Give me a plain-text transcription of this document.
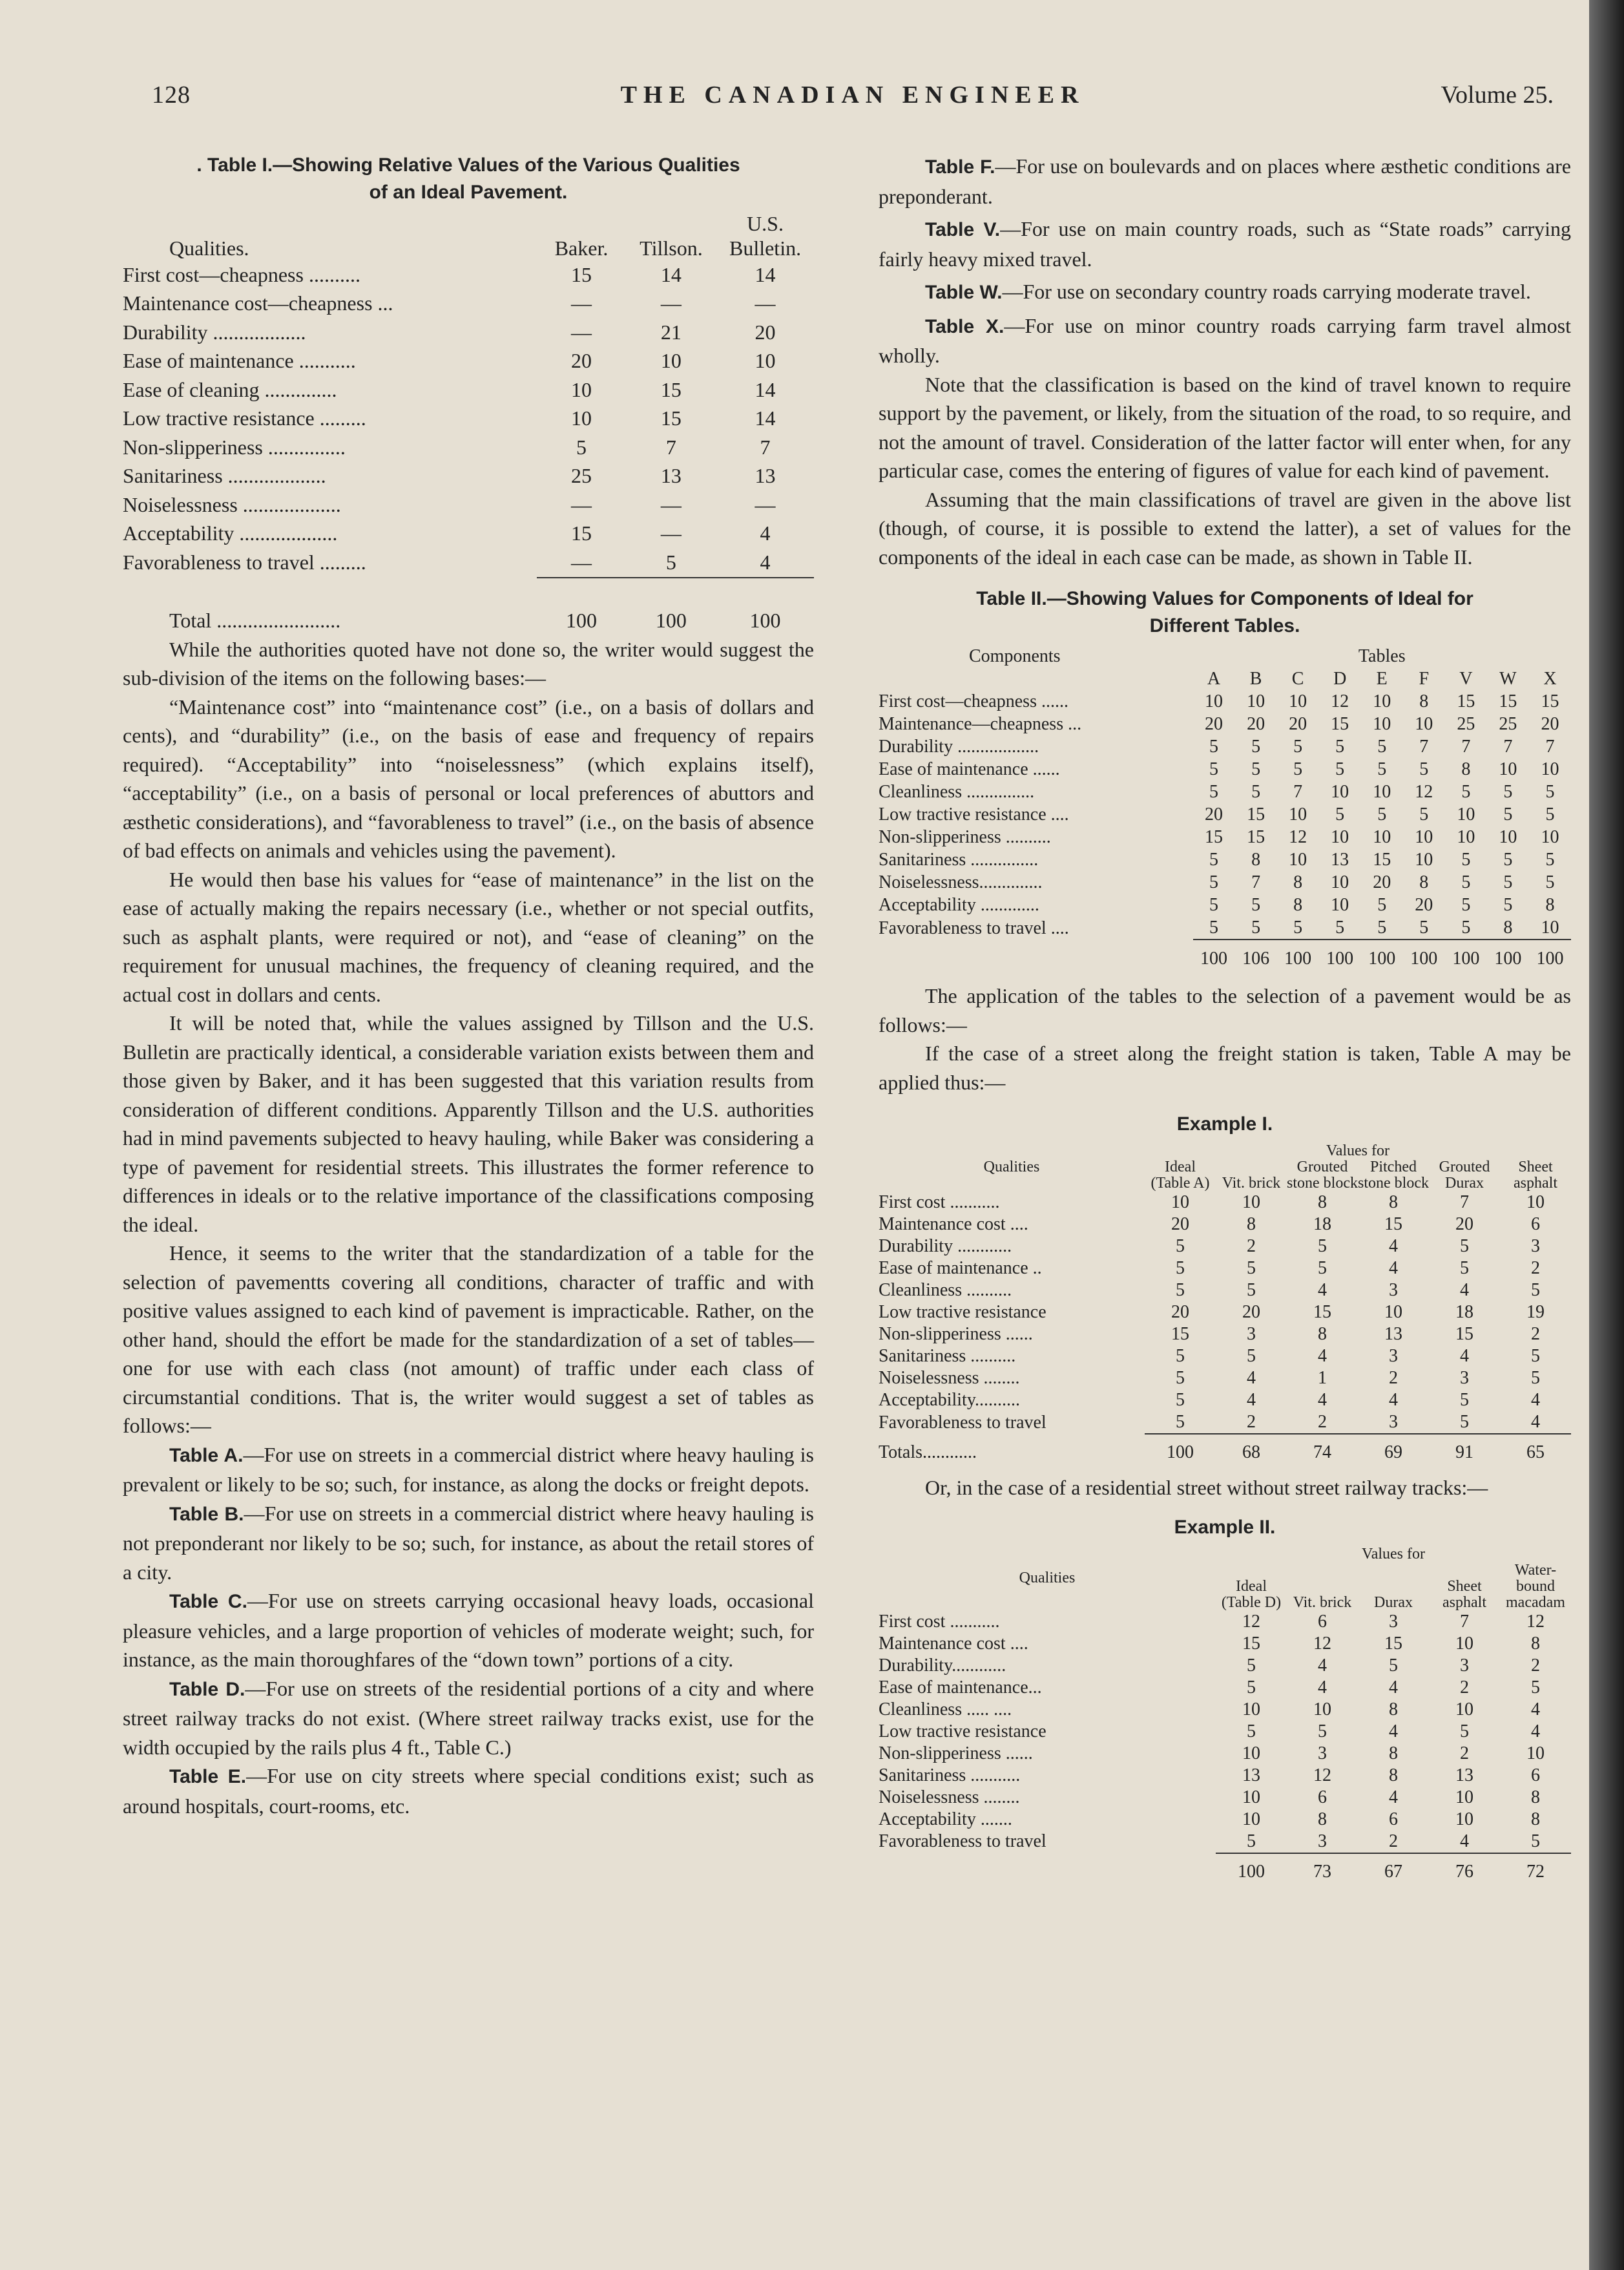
128	THE CANADIAN ENGINEER	Volume 25.
. Table I.—Showing Relative Values of the Various Qualities
of an Ideal Pavement.
Qualities.	Baker.	Tillson.	U.S. Bulletin.
First cost—cheapness ..........	15	14	14
Maintenance cost—cheapness ...	—	—	—
Durability ..................	—	21	20
Ease of maintenance ...........	20	10	10
Ease of cleaning ..............	10	15	14
Low tractive resistance .........	10	15	14
Non-slipperiness ...............	5	7	7
Sanitariness ...................	25	13	13
Noiselessness ...................	—	—	—
Acceptability ...................	15	—	4
Favorableness to travel .........	—	5	4

Total ........................	100	100	100

While the authorities quoted have not done so, the writer would suggest the sub-division of the items on the following bases:—

“Maintenance cost” into “maintenance cost” (i.e., on a basis of dollars and cents), and “durability” (i.e., on the basis of ease and frequency of repairs required). “Acceptability” into “noiselessness” (which explains itself), “acceptability” (i.e., on a basis of personal or local preferences of abuttors and æsthetic considerations), and “favorableness to travel” (i.e., on the basis of absence of bad effects on animals and vehicles using the pavement).

He would then base his values for “ease of maintenance” in the list on the ease of actually making the repairs necessary (i.e., whether or not special outfits, such as asphalt plants, were required or not), and “ease of cleaning” on the requirement for unusual machines, the frequency of cleaning required, and the actual cost in dollars and cents.

It will be noted that, while the values assigned by Tillson and the U.S. Bulletin are practically identical, a considerable variation exists between them and those given by Baker, and it has been suggested that this variation results from consideration of different conditions. Apparently Tillson and the U.S. authorities had in mind pavements subjected to heavy hauling, while Baker was considering a type of pavement for residential streets. This illustrates the former reference to differences in ideals or to the relative importance of the classifications composing the ideal.

Hence, it seems to the writer that the standardization of a table for the selection of pavementts covering all conditions, character of traffic and with positive values assigned to each kind of pavement is impracticable. Rather, on the other hand, should the effort be made for the standardization of a set of tables—one for use with each class (not amount) of traffic under each class of circumstantial conditions. That is, the writer would suggest a set of tables as follows:—

Table A.—For use on streets in a commercial district where heavy hauling is prevalent or likely to be so; such, for instance, as along the docks or freight depots.

Table B.—For use on streets in a commercial district where heavy hauling is not preponderant nor likely to be so; such, for instance, as about the retail stores of a city.

Table C.—For use on streets carrying occasional heavy loads, occasional pleasure vehicles, and a large proportion of vehicles of moderate weight; such, for instance, as the main thoroughfares of the “down town” portions of a city.

Table D.—For use on streets of the residential portions of a city and where street railway tracks do not exist. (Where street railway tracks exist, use for the width occupied by the rails plus 4 ft., Table C.)

Table E.—For use on city streets where special conditions exist; such as around hospitals, court-rooms, etc.

Table F.—For use on boulevards and on places where æsthetic conditions are preponderant.

Table V.—For use on main country roads, such as “State roads” carrying fairly heavy mixed travel.

Table W.—For use on secondary country roads carrying moderate travel.

Table X.—For use on minor country roads carrying farm travel almost wholly.

Note that the classification is based on the kind of travel known to require support by the pavement, or likely, from the situation of the road, to so require, and not the amount of travel. Consideration of the latter factor will enter when, for any particular case, comes the entering of figures of value for each kind of pavement.

Assuming that the main classifications of travel are given in the above list (though, of course, it is possible to extend the latter), a set of values for the components of the ideal in each case can be made, as shown in Table II.

Table II.—Showing Values for Components of Ideal for
Different Tables.
Components	Tables								
	A	B	C	D	E	F	V	W	X
First cost—cheapness ......	10	10	10	12	10	8	15	15	15
Maintenance—cheapness ...	20	20	20	15	10	10	25	25	20
Durability ..................	5	5	5	5	5	7	7	7	7
Ease of maintenance ......	5	5	5	5	5	5	8	10	10
Cleanliness ...............	5	5	7	10	10	12	5	5	5
Low tractive resistance ....	20	15	10	5	5	5	10	5	5
Non-slipperiness ..........	15	15	12	10	10	10	10	10	10
Sanitariness ...............	5	8	10	13	15	10	5	5	5
Noiselessness..............	5	7	8	10	20	8	5	5	5
Acceptability .............	5	5	8	10	5	20	5	5	8
Favorableness to travel ....	5	5	5	5	5	5	5	8	10
	100	106	100	100	100	100	100	100	100

The application of the tables to the selection of a pavement would be as follows:—

If the case of a street along the freight station is taken, Table A may be applied thus:—

Example I.
Qualities			Values for			
	Ideal (Table A)	Vit. brick	Grouted stone block	Pitched stone block	Grouted Durax	Sheet asphalt
First cost ...........	10	10	8	8	7	10
Maintenance cost ....	20	8	18	15	20	6
Durability ............	5	2	5	4	5	3
Ease of maintenance ..	5	5	5	4	5	2
Cleanliness ..........	5	5	4	3	4	5
Low tractive resistance	20	20	15	10	18	19
Non-slipperiness ......	15	3	8	13	15	2
Sanitariness ..........	5	5	4	3	4	5
Noiselessness ........	5	4	1	2	3	5
Acceptability..........	5	4	4	4	5	4
Favorableness to travel	5	2	2	3	5	4
Totals............	100	68	74	69	91	65

Or, in the case of a residential street without street railway tracks:—

Example II.
Qualities		Values for			
	Ideal (Table D)	Vit. brick	Durax	Sheet asphalt	Water-bound macadam
First cost ...........	12	6	3	7	12
Maintenance cost ....	15	12	15	10	8
Durability............	5	4	5	3	2
Ease of maintenance...	5	4	4	2	5
Cleanliness ..... ....	10	10	8	10	4
Low tractive resistance	5	5	4	5	4
Non-slipperiness ......	10	3	8	2	10
Sanitariness ...........	13	12	8	13	6
Noiselessness ........	10	6	4	10	8
Acceptability .......	10	8	6	10	8
Favorableness to travel	5	3	2	4	5
	100	73	67	76	72
